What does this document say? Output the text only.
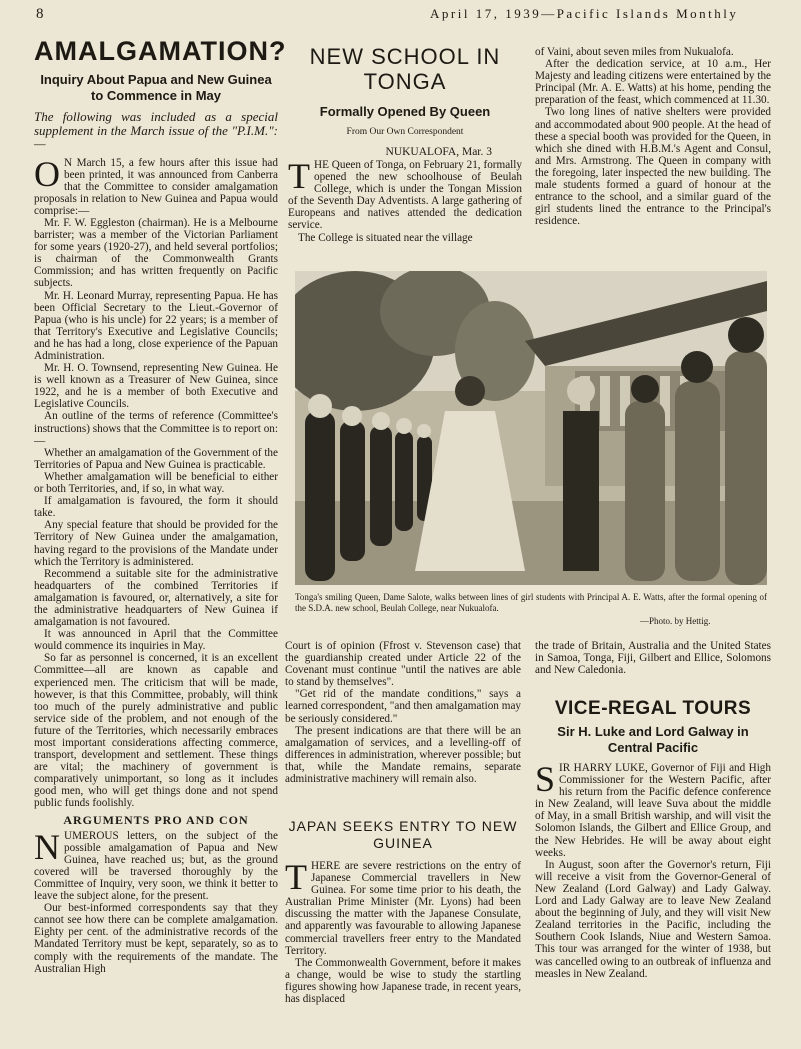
8	April 17, 1939—Pacific Islands Monthly
AMALGAMATION?
Inquiry About Papua and New Guinea to Commence in May

The following was included as a special supplement in the March issue of the "P.I.M.":—

O N March 15, a few hours after this issue had been printed, it was announced from Canberra that the Committee to consider amalgamation proposals in relation to New Guinea and Papua would comprise:—

Mr. F. W. Eggleston (chairman). He is a Melbourne barrister; was a member of the Victorian Parliament for some years (1920-27), and held several portfolios; is chairman of the Commonwealth Grants Commission; and has written frequently on Pacific subjects.

Mr. H. Leonard Murray, representing Papua. He has been Official Secretary to the Lieut.-Governor of Papua (who is his uncle) for 22 years; is a member of that Territory's Executive and Legislative Councils; and he has had a long, close experience of the Papuan Administration.

Mr. H. O. Townsend, representing New Guinea. He is well known as a Treasurer of New Guinea, since 1922, and he is a member of both Executive and Legislative Councils.

An outline of the terms of reference (Committee's instructions) shows that the Committee is to report on:—

Whether an amalgamation of the Government of the Territories of Papua and New Guinea is practicable.

Whether amalgamation will be beneficial to either or both Territories, and, if so, in what way.

If amalgamation is favoured, the form it should take.

Any special feature that should be provided for the Territory of New Guinea under the amalgamation, having regard to the provisions of the Mandate under which the Territory is administered.

Recommend a suitable site for the administrative headquarters of the combined Territories if amalgamation is favoured, or, alternatively, a site for the administrative headquarters of New Guinea if amalgamation is not favoured.

It was announced in April that the Committee would commence its inquiries in May.

So far as personnel is concerned, it is an excellent Committee—all are known as capable and experienced men. The criticism that will be made, however, is that this Committee, probably, will think too much of the purely administrative and public service side of the problem, and not enough of the future of the Territories, which necessarily embraces most important considerations affecting commerce, transport, development and settlement. These things are vital; the machinery of government is comparatively unimportant, so long as it includes good men, who will get things done and not spend public funds foolishly.

ARGUMENTS PRO AND CON

NUMEROUS letters, on the subject of the possible amalgamation of Papua and New Guinea, have reached us; but, as the ground covered will be traversed thoroughly by the Committee of Inquiry, very soon, we think it better to leave the subject alone, for the present.

Our best-informed correspondents say that they cannot see how there can be complete amalgamation. Eighty per cent. of the administrative records of the Mandated Territory must be kept, separately, so as to comply with the requirements of the mandate. The Australian High

NEW SCHOOL IN TONGA
Formally Opened By Queen
From Our Own Correspondent
NUKUALOFA, Mar. 3

THE Queen of Tonga, on February 21, formally opened the new schoolhouse of Beulah College, which is under the Tongan Mission of the Seventh Day Adventists. A large gathering of Europeans and natives attended the dedication service.

The College is situated near the village

of Vaini, about seven miles from Nukualofa.

After the dedication service, at 10 a.m., Her Majesty and leading citizens were entertained by the Principal (Mr. A. E. Watts) at his home, pending the preparation of the feast, which commenced at 11.30.

Two long lines of native shelters were provided and accommodated about 900 people. At the head of these a special booth was provided for the Queen, in which she dined with H.B.M.'s Agent and Consul, and Mrs. Armstrong. The Queen in company with the foregoing, later inspected the new building. The male students formed a guard of honour at the entrance to the school, and a similar guard of the girl students lined the entrance to the Principal's residence.

Tonga's smiling Queen, Dame Salote, walks between lines of girl students with Principal A. E. Watts, after the formal opening of the S.D.A. new school, Beulah College, near Nukualofa.
—Photo. by Hettig.

Court is of opinion (Ffrost v. Stevenson case) that the guardianship created under Article 22 of the Covenant must continue "until the natives are able to stand by themselves".

"Get rid of the mandate conditions," says a learned correspondent, "and then amalgamation may be seriously considered."

The present indications are that there will be an amalgamation of services, and a levelling-off of differences in administration, wherever possible; but that, while the Mandate remains, separate administrative machinery will remain also.

JAPAN SEEKS ENTRY TO NEW GUINEA

THERE are severe restrictions on the entry of Japanese Commercial travellers in New Guinea. For some time prior to his death, the Australian Prime Minister (Mr. Lyons) had been discussing the matter with the Japanese Consulate, and apparently was favourable to allowing Japanese commercial travellers freer entry to the Mandated Territory.

The Commonwealth Government, before it makes a change, would be wise to study the startling figures showing how Japanese trade, in recent years, has displaced

the trade of Britain, Australia and the United States in Samoa, Tonga, Fiji, Gilbert and Ellice, Solomons and New Caledonia.

VICE-REGAL TOURS
Sir H. Luke and Lord Galway in Central Pacific

SIR HARRY LUKE, Governor of Fiji and High Commissioner for the Western Pacific, after his return from the Pacific defence conference in New Zealand, will leave Suva about the middle of May, in a small British warship, and will visit the Solomon Islands, the Gilbert and Ellice Group, and the New Hebrides. He will be away about eight weeks.

In August, soon after the Governor's return, Fiji will receive a visit from the Governor-General of New Zealand (Lord Galway) and Lady Galway. Lord and Lady Galway are to leave New Zealand about the beginning of July, and they will visit New Zealand territories in the Pacific, including the Southern Cook Islands, Niue and Western Samoa. This tour was arranged for the winter of 1938, but was cancelled owing to an outbreak of influenza and measles in New Zealand.
